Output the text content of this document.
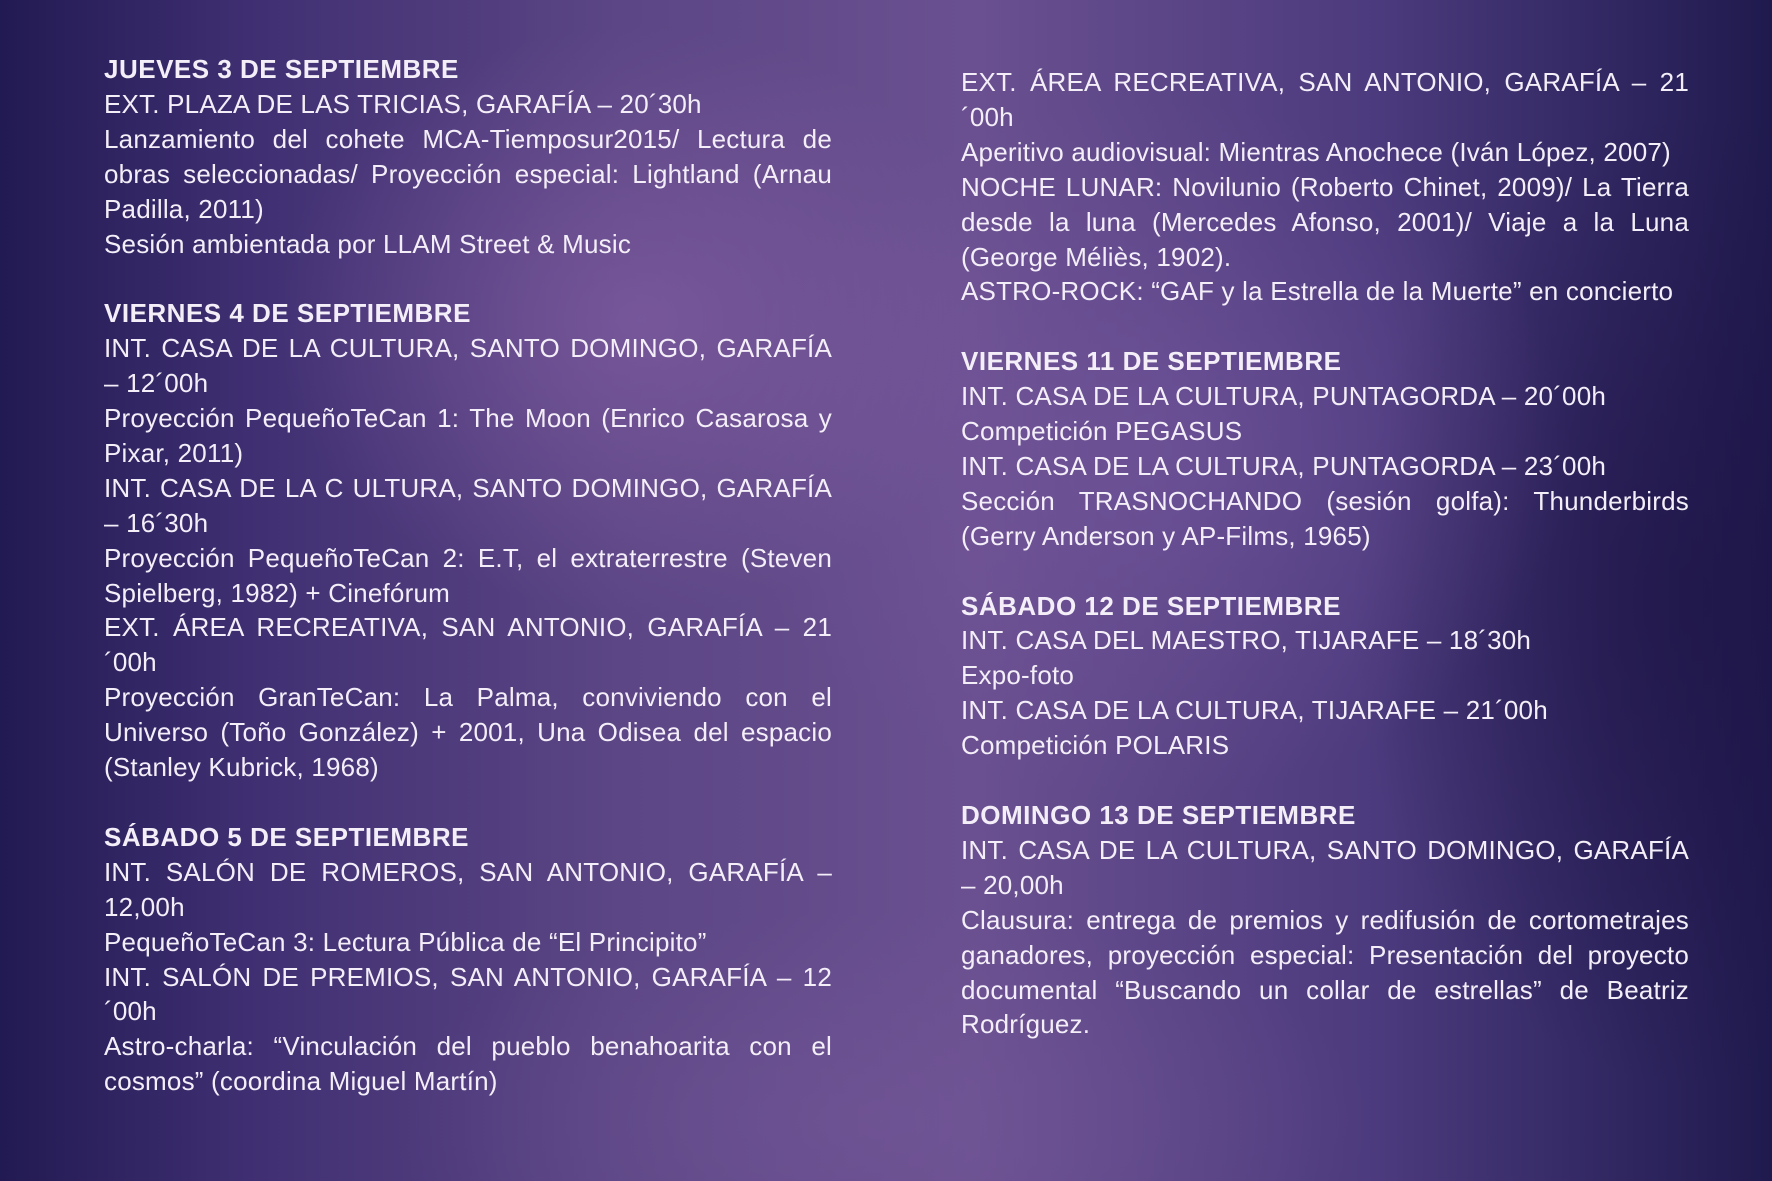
JUEVES 3 DE SEPTIEMBRE
EXT. PLAZA DE LAS TRICIAS, GARAFÍA – 20´30h
Lanzamiento del cohete MCA-Tiemposur2015/ Lectura de obras seleccionadas/ Proyección especial: Lightland (Arnau Padilla, 2011)
Sesión ambientada por LLAM Street & Music
VIERNES 4 DE SEPTIEMBRE
INT. CASA DE LA CULTURA, SANTO DOMINGO, GARAFÍA – 12´00h
Proyección PequeñoTeCan 1: The Moon (Enrico Casarosa y Pixar, 2011)
INT. CASA DE LA C ULTURA, SANTO DOMINGO, GARAFÍA – 16´30h
Proyección PequeñoTeCan 2: E.T, el extraterrestre (Steven Spielberg, 1982) + Cinefórum
EXT. ÁREA RECREATIVA, SAN ANTONIO, GARAFÍA – 21´00h
Proyección GranTeCan: La Palma, conviviendo con el Universo (Toño González) + 2001, Una Odisea del espacio (Stanley Kubrick, 1968)
SÁBADO 5 DE SEPTIEMBRE
INT. SALÓN DE ROMEROS, SAN ANTONIO, GARAFÍA – 12,00h
PequeñoTeCan 3: Lectura Pública de “El Principito”
INT. SALÓN DE PREMIOS, SAN ANTONIO, GARAFÍA – 12´00h
Astro-charla: “Vinculación del pueblo benahoarita con el cosmos” (coordina Miguel Martín)
EXT. ÁREA RECREATIVA, SAN ANTONIO, GARAFÍA – 21´00h
Aperitivo audiovisual: Mientras Anochece (Iván López, 2007)
NOCHE LUNAR: Novilunio (Roberto Chinet, 2009)/ La Tierra desde la luna (Mercedes Afonso, 2001)/ Viaje a la Luna (George Méliès, 1902).
ASTRO-ROCK: “GAF y la Estrella de la Muerte” en concierto
VIERNES 11 DE SEPTIEMBRE
INT. CASA DE LA CULTURA, PUNTAGORDA – 20´00h
Competición PEGASUS
INT. CASA DE LA CULTURA, PUNTAGORDA – 23´00h
Sección TRASNOCHANDO (sesión golfa): Thunderbirds (Gerry Anderson y AP-Films, 1965)
SÁBADO 12 DE SEPTIEMBRE
INT. CASA DEL MAESTRO, TIJARAFE – 18´30h
Expo-foto
INT. CASA DE LA CULTURA, TIJARAFE – 21´00h
Competición POLARIS
DOMINGO 13 DE SEPTIEMBRE
INT. CASA DE LA CULTURA, SANTO DOMINGO, GARAFÍA – 20,00h
Clausura: entrega de premios y redifusión de cortometrajes ganadores, proyección especial: Presentación del proyecto documental “Buscando un collar de estrellas” de Beatriz Rodríguez.
